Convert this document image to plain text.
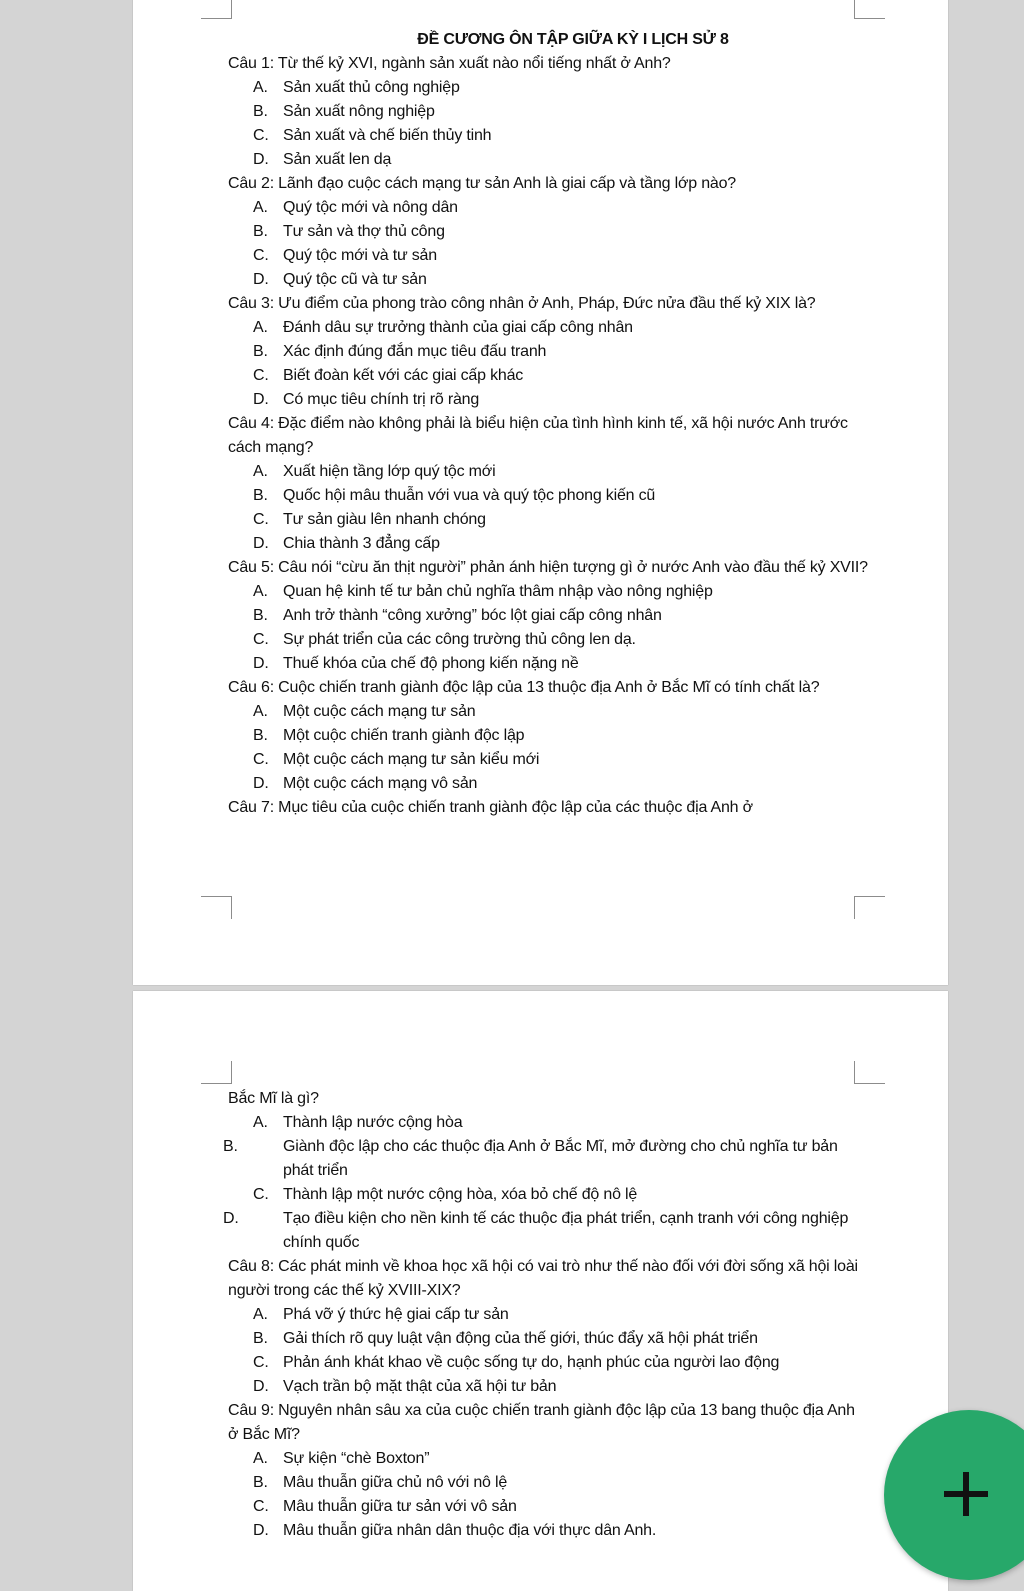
ĐỀ CƯƠNG ÔN TẬP GIỮA KỲ I LỊCH SỬ 8
Câu 1: Từ thế kỷ XVI, ngành sản xuất nào nổi tiếng nhất ở Anh?
A. Sản xuất thủ công nghiệp
B. Sản xuất nông nghiệp
C. Sản xuất và chế biến thủy tinh
D. Sản xuất len dạ
Câu 2: Lãnh đạo cuộc cách mạng tư sản Anh là giai cấp và tầng lớp nào?
A. Quý tộc mới và nông dân
B. Tư sản và thợ thủ công
C. Quý tộc mới và tư sản
D. Quý tộc cũ và tư sản
Câu 3: Ưu điểm của phong trào công nhân ở Anh, Pháp, Đức nửa đầu thế kỷ XIX là?
A. Đánh dâu sự trưởng thành của giai cấp công nhân
B. Xác định đúng đắn mục tiêu đấu tranh
C. Biết đoàn kết với các giai cấp khác
D. Có mục tiêu chính trị rõ ràng
Câu 4: Đặc điểm nào không phải là biểu hiện của tình hình kinh tế, xã hội nước Anh trước cách mạng?
A. Xuất hiện tầng lớp quý tộc mới
B. Quốc hội mâu thuẫn với vua và quý tộc phong kiến cũ
C. Tư sản giàu lên nhanh chóng
D. Chia thành 3 đẳng cấp
Câu 5: Câu nói “cừu ăn thịt người” phản ánh hiện tượng gì ở nước Anh vào đầu thế kỷ XVII?
A. Quan hệ kinh tế tư bản chủ nghĩa thâm nhập vào nông nghiệp
B. Anh trở thành “công xưởng” bóc lột giai cấp công nhân
C. Sự phát triển của các công trường thủ công len dạ.
D. Thuế khóa của chế độ phong kiến nặng nề
Câu 6: Cuộc chiến tranh giành độc lập của 13 thuộc địa Anh ở Bắc Mĩ có tính chất là?
A. Một cuộc cách mạng tư sản
B. Một cuộc chiến tranh giành độc lập
C. Một cuộc cách mạng tư sản kiểu mới
D. Một cuộc cách mạng vô sản
Câu 7: Mục tiêu của cuộc chiến tranh giành độc lập của các thuộc địa Anh ở
Bắc Mĩ là gì?
A. Thành lập nước cộng hòa
B.	Giành độc lập cho các thuộc địa Anh ở Bắc Mĩ, mở đường cho chủ nghĩa tư bản phát triển
C. Thành lập một nước cộng hòa, xóa bỏ chế độ nô lệ
D.	Tạo điều kiện cho nền kinh tế các thuộc địa phát triển, cạnh tranh với công nghiệp chính quốc
Câu 8: Các phát minh về khoa học xã hội có vai trò như thế nào đối với đời sống xã hội loài người trong các thế kỷ XVIII-XIX?
A. Phá vỡ ý thức hệ giai cấp tư sản
B. Gải thích rõ quy luật vận động của thế giới, thúc đẩy xã hội phát triển
C. Phản ánh khát khao về cuộc sống tự do, hạnh phúc của người lao động
D. Vạch trần bộ mặt thật của xã hội tư bản
Câu 9: Nguyên nhân sâu xa của cuộc chiến tranh giành độc lập của 13 bang thuộc địa Anh ở Bắc Mĩ?
A. Sự kiện “chè Boxton”
B. Mâu thuẫn giữa chủ nô với nô lệ
C. Mâu thuẫn giữa tư sản với vô sản
D. Mâu thuẫn giữa nhân dân thuộc địa với thực dân Anh.
